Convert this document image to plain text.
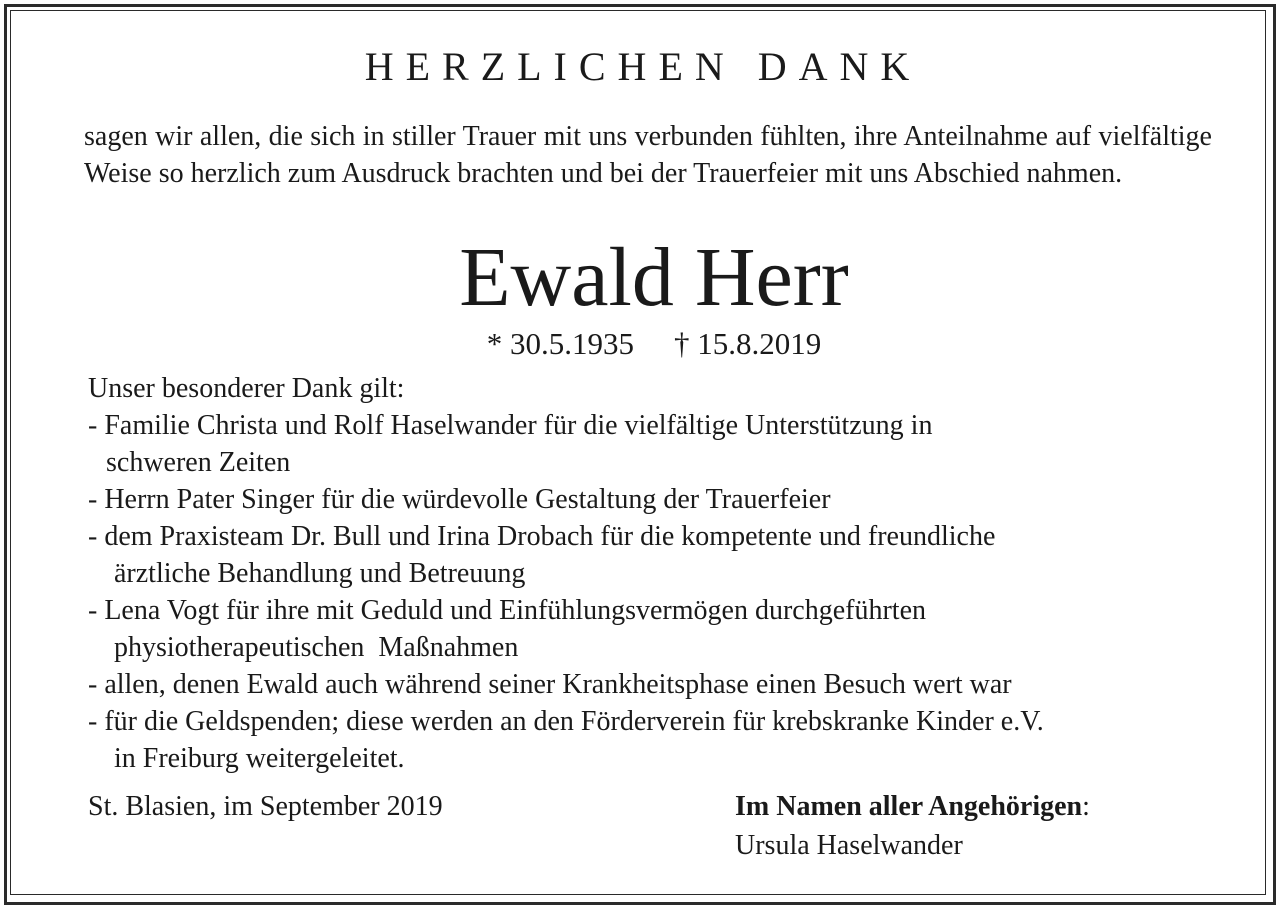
HERZLICHEN DANK

sagen wir allen, die sich in stiller Trauer mit uns verbunden fühlten, ihre Anteilnahme auf vielfältige Weise so herzlich zum Ausdruck brachten und bei der Trauerfeier mit uns Abschied nahmen.

Ewald Herr
* 30.5.1935 † 15.8.2019
Unser besonderer Dank gilt:
- Familie Christa und Rolf Haselwander für die vielfältige Unterstützung in
schweren Zeiten
- Herrn Pater Singer für die würdevolle Gestaltung der Trauerfeier
- dem Praxisteam Dr. Bull und Irina Drobach für die kompetente und freundliche
ärztliche Behandlung und Betreuung
- Lena Vogt für ihre mit Geduld und Einfühlungsvermögen durchgeführten
physiotherapeutischen  Maßnahmen
- allen, denen Ewald auch während seiner Krankheitsphase einen Besuch wert war
- für die Geldspenden; diese werden an den Förderverein für krebskranke Kinder e.V.
in Freiburg weitergeleitet.
St. Blasien, im September 2019	Im Namen aller Angehörigen:
Ursula Haselwander
